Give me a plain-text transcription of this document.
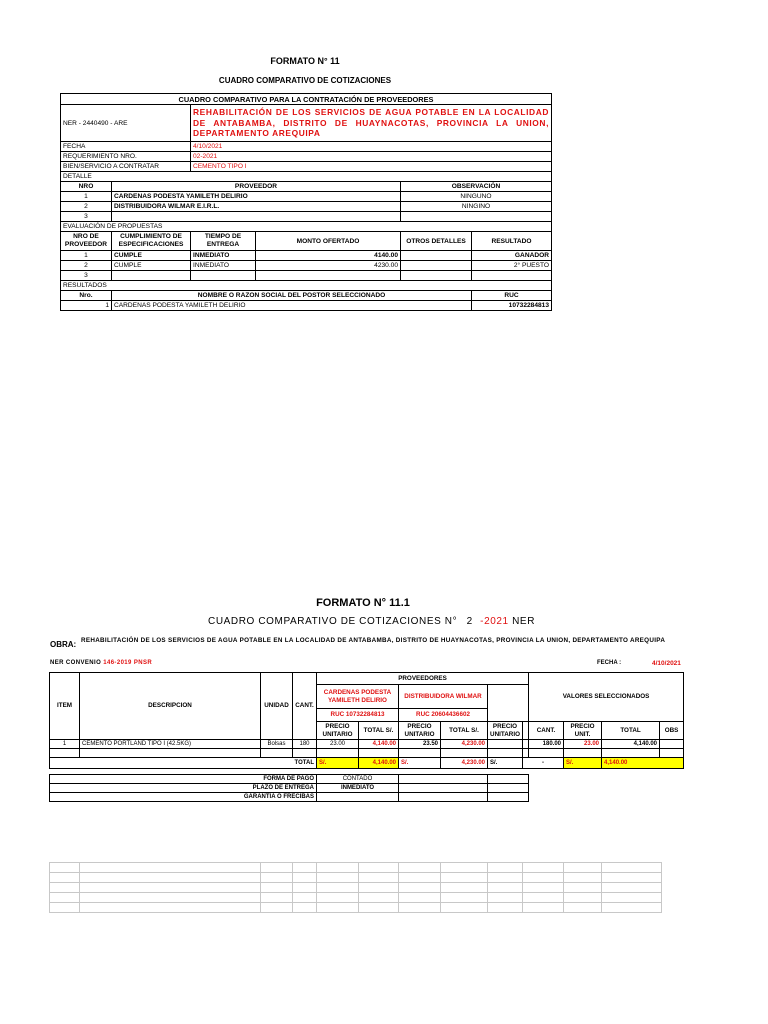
FORMATO N° 11
CUADRO COMPARATIVO DE COTIZACIONES
CUADRO COMPARATIVO PARA LA CONTRATACIÓN DE PROVEEDORES					
NER - 2440490 - ARE		REHABILITACIÓN DE LOS SERVICIOS DE AGUA POTABLE EN LA LOCALIDAD DE ANTABAMBA, DISTRITO DE HUAYNACOTAS, PROVINCIA LA UNION, DEPARTAMENTO AREQUIPA			
FECHA		4/10/2021			
REQUERIMIENTO NRO.		02-2021			
BIEN/SERVICIO A CONTRATAR		CEMENTO TIPO I			
DETALLE					
NRO	PROVEEDOR			OBSERVACIÓN	
1	CARDENAS PODESTA YAMILETH DELIRIO			NINGUNO	
2	DISTRIBUIDORA WILMAR E.I.R.L.			NINGINO	
3					
EVALUACIÓN DE PROPUESTAS					
NRO DE PROVEEDOR	CUMPLIMIENTO DE ESPECIFICACIONES	TIEMPO DE ENTREGA	MONTO OFERTADO	OTROS DETALLES	RESULTADO
1	CUMPLE	INMEDIATO	4140.00		GANADOR
2	CUMPLE	INMEDIATO	4230.00		2° PUESTO
3					
RESULTADOS					
Nro.	NOMBRE O RAZON SOCIAL DEL POSTOR SELECCIONADO				RUC
1	CARDENAS PODESTA YAMILETH DELIRIO				10732284813
FORMATO N° 11.1
CUADRO COMPARATIVO DE COTIZACIONES N° 2 -2021 NER
OBRA: REHABILITACIÓN DE LOS SERVICIOS DE AGUA POTABLE EN LA LOCALIDAD DE ANTABAMBA, DISTRITO DE HUAYNACOTAS, PROVINCIA LA UNION, DEPARTAMENTO AREQUIPA
NER CONVENIO 146-2019 PNSR	FECHA :	4/10/2021
ITEM	DESCRIPCION	UNIDAD	CANT.	PROVEEDORES						VALORES SELECCIONADOS			
				CARDENAS PODESTA YAMILETH DELIRIO		DISTRIBUIDORA WILMAR							
				RUC 10732284813		RUC 20604436602							
				PRECIO UNITARIO	TOTAL S/.	PRECIO UNITARIO	TOTAL S/.	PRECIO UNITARIO		CANT.	PRECIO UNIT.	TOTAL	OBS
1	CEMENTO PORTLAND TIPO I (42.5KG)	Bolsas	180	23.00	4,140.00	23.50	4,230.00			180.00	23.00	4,140.00	

TOTAL				S/.	4,140.00	S/.	4,230.00	S/.	-		S/.	4,140.00	

FORMA DE PAGO				CONTADO									
PLAZO DE ENTREGA				INMEDIATO									
GARANTIA O FRECIBAS													
